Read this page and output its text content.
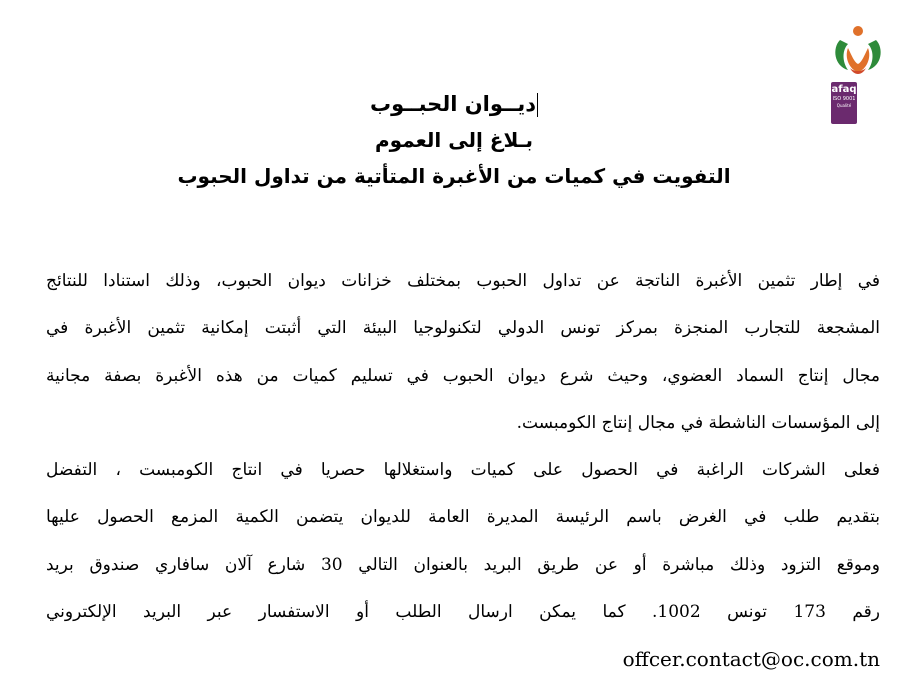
afaq
ISO 9001
Qualité
ديــوان الحبــوب
بـلاغ إلى العموم
التفويت في كميات من الأغبرة المتأتية من تداول الحبوب
في إطار تثمين الأغبرة الناتجة عن تداول الحبوب بمختلف خزانات ديوان الحبوب، وذلك استنادا للنتائج
المشجعة للتجارب المنجزة بمركز تونس الدولي لتكنولوجيا البيئة التي أثبتت إمكانية تثمين الأغبرة في
مجال إنتاج السماد العضوي، وحيث شرع ديوان الحبوب في تسليم كميات من هذه الأغبرة بصفة مجانية
إلى المؤسسات الناشطة في مجال إنتاج الكومبست.
فعلى الشركات الراغبة في الحصول على كميات واستغلالها حصريا في انتاج الكومبست ، التفضل
بتقديم طلب في الغرض باسم الرئيسة المديرة العامة للديوان يتضمن الكمية المزمع الحصول عليها
وموقع التزود وذلك مباشرة أو عن طريق البريد بالعنوان التالي 30 شارع آلان سافاري صندوق بريد
رقم 173 تونس 1002. كما يمكن ارسال الطلب أو الاستفسار عبر البريد الإلكتروني
offcer.contact@oc.com.tn
